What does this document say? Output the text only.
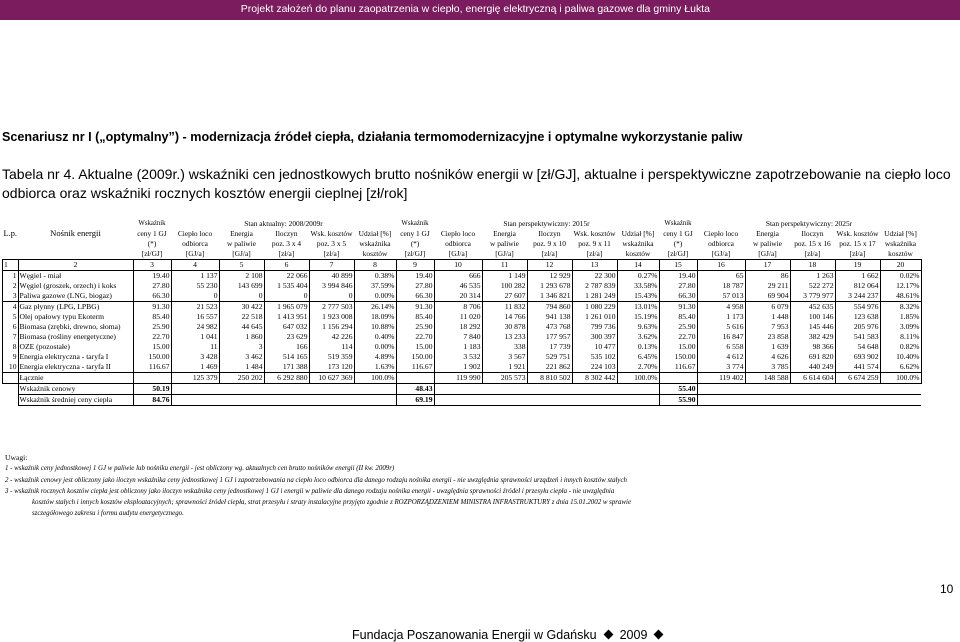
Projekt założeń do planu zaopatrzenia w ciepło, energię elektryczną i paliwa gazowe dla gminy Łukta
Scenariusz nr I („optymalny”) - modernizacja źródeł ciepła, działania termomodernizacyjne i optymalne wykorzystanie paliw
Tabela nr 4. Aktualne (2009r.) wskaźniki cen jednostkowych brutto nośników energii w [zł/GJ], aktualne i perspektywiczne zapotrzebowanie na ciepło loco odbiorca oraz wskaźniki rocznych kosztów energii cieplnej [zł/rok]
		Wskaźnik	Stan aktualny: 2008/2009r					Wskaźnik	Stan perspektywiczny: 2015r					Wskaźnik	Stan perspektywiczny: 2025r				
L.p.	Nośnik energii	ceny 1 GJ	Ciepło loco	Energia	Iloczyn	Wsk. kosztów	Udział [%]	ceny 1 GJ	Ciepło loco	Energia	Iloczyn	Wsk. kosztów	Udział [%]	ceny 1 GJ	Ciepło loco	Energia	Iloczyn	Wsk. kosztów	Udział [%]
		(*)	odbiorca	w paliwie	poz. 3 x 4	poz. 3 x 5	wskaźnika	(*)	odbiorca	w paliwie	poz. 9 x 10	poz. 9 x 11	wskaźnika	(*)	odbiorca	w paliwie	poz. 15 x 16	poz. 15 x 17	wskaźnika
		[zł/GJ]	[GJ/a]	[GJ/a]	[zł/a]	[zł/a]	kosztów	[zł/GJ]	[GJ/a]	[GJ/a]	[zł/a]	[zł/a]	kosztów	[zł/GJ]	[GJ/a]	[GJ/a]	[zł/a]	[zł/a]	kosztów
1	2	3	4	5	6	7	8	9	10	11	12	13	14	15	16	17	18	19	20
1	Węgiel - miał	19.40	1 137	2 108	22 066	40 899	0.38%	19.40	666	1 149	12 929	22 300	0.27%	19.40	65	86	1 263	1 662	0.02%
2	Węgiel (groszek, orzech) i koks	27.80	55 230	143 699	1 535 404	3 994 846	37.59%	27.80	46 535	100 282	1 293 678	2 787 839	33.58%	27.80	18 787	29 211	522 272	812 064	12.17%
3	Paliwa gazowe (LNG, biogaz)	66.30	0	0	0	0	0.00%	66.30	20 314	27 607	1 346 821	1 281 249	15.43%	66.30	57 013	69 904	3 779 977	3 244 237	48.61%
4	Gaz płynny (LPG, LPBG)	91.30	21 523	30 422	1 965 079	2 777 503	26.14%	91.30	8 706	11 832	794 860	1 080 229	13.01%	91.30	4 958	6 079	452 635	554 976	8.32%
5	Olej opałowy typu Ekoterm	85.40	16 557	22 518	1 413 951	1 923 008	18.09%	85.40	11 020	14 766	941 138	1 261 010	15.19%	85.40	1 173	1 448	100 146	123 638	1.85%
6	Biomasa (zrębki, drewno, słoma)	25.90	24 982	44 645	647 032	1 156 294	10.88%	25.90	18 292	30 878	473 768	799 736	9.63%	25.90	5 616	7 953	145 446	205 976	3.09%
7	Biomasa (rośliny energetyczne)	22.70	1 041	1 860	23 629	42 226	0.40%	22.70	7 840	13 233	177 957	300 397	3.62%	22.70	16 847	23 858	382 429	541 583	8.11%
8	OZE (pozostałe)	15.00	11	3	166	114	0.00%	15.00	1 183	338	17 739	10 477	0.13%	15.00	6 558	1 639	98 366	54 648	0.82%
9	Energia elektryczna - taryfa I	150.00	3 428	3 462	514 165	519 359	4.89%	150.00	3 532	3 567	529 751	535 102	6.45%	150.00	4 612	4 626	691 820	693 902	10.40%
10	Energia elektryczna - taryfa II	116.67	1 469	1 484	171 388	173 120	1.63%	116.67	1 902	1 921	221 862	224 103	2.70%	116.67	3 774	3 785	440 249	441 574	6.62%
	Łącznie		125 379	250 202	6 292 880	10 627 369	100.0%		119 990	205 573	8 810 502	8 302 442	100.0%		119 402	148 588	6 614 604	6 674 259	100.0%
	Wskaźnik cenowy	50.19						48.43						55.40					
	Wskaźnik średniej ceny ciepła	84.76						69.19						55.90					
Uwagi:
1 - wskaźnik ceny jednostkowej 1 GJ w paliwie lub nośniku energii - jest obliczony wg. aktualnych cen brutto nośników energii (II kw. 2009r)
2 - wskaźnik cenowy jest obliczony jako iloczyn wskaźnika ceny jednostkowej 1 GJ i zapotrzebowania na ciepło loco odbiorca dla danego rodzaju nośnika energii - nie uwzględnia sprawności urządzeń i innych kosztów stałych
3 - wskaźnik rocznych kosztów ciepła jest obliczony jako iloczyn wskaźnika ceny jednostkowej 1 GJ i energii w paliwie dla danego rodzaju nośnika energii - uwzględnia sprawności źródeł i przesyłu ciepła - nie uwzględnia
kosztów stałych i innych kosztów eksploatacyjnych; sprawności źródeł ciepła, strat przesyłu i straty instalacyjne przyjęto zgodnie z ROZPORZĄDZENIEM MINISTRA INFRASTRUKTURY z dnia 15.01.2002 w sprawie
szczegółowego zakresu i formu audytu energetycznego.
10
Fundacja Poszanowania Energii w Gdańsku 2009
